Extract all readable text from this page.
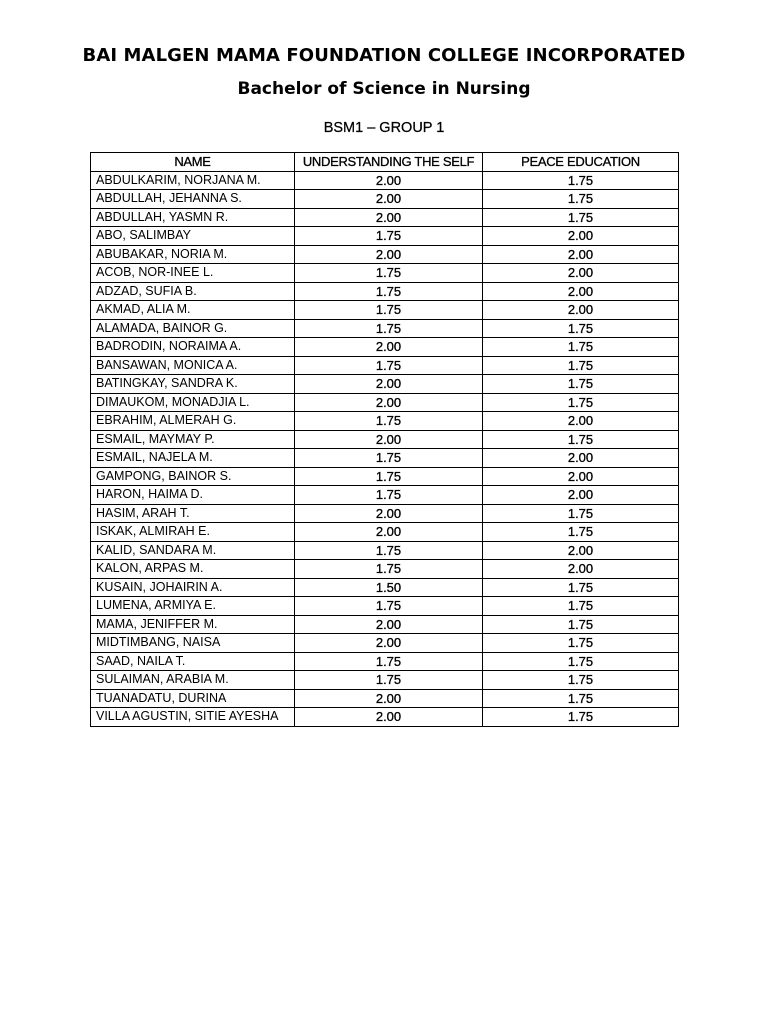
BAI MALGEN MAMA FOUNDATION COLLEGE INCORPORATED
Bachelor of Science in Nursing
BSM1 – GROUP 1
NAME	UNDERSTANDING THE SELF	PEACE EDUCATION
ABDULKARIM, NORJANA M.	2.00	1.75
ABDULLAH, JEHANNA S.	2.00	1.75
ABDULLAH, YASMN R.	2.00	1.75
ABO, SALIMBAY	1.75	2.00
ABUBAKAR, NORIA M.	2.00	2.00
ACOB, NOR-INEE L.	1.75	2.00
ADZAD, SUFIA B.	1.75	2.00
AKMAD, ALIA M.	1.75	2.00
ALAMADA, BAINOR G.	1.75	1.75
BADRODIN, NORAIMA A.	2.00	1.75
BANSAWAN, MONICA A.	1.75	1.75
BATINGKAY, SANDRA K.	2.00	1.75
DIMAUKOM, MONADJIA L.	2.00	1.75
EBRAHIM, ALMERAH G.	1.75	2.00
ESMAIL, MAYMAY P.	2.00	1.75
ESMAIL, NAJELA M.	1.75	2.00
GAMPONG, BAINOR S.	1.75	2.00
HARON, HAIMA D.	1.75	2.00
HASIM, ARAH T.	2.00	1.75
ISKAK, ALMIRAH E.	2.00	1.75
KALID, SANDARA M.	1.75	2.00
KALON, ARPAS M.	1.75	2.00
KUSAIN, JOHAIRIN A.	1.50	1.75
LUMENA, ARMIYA E.	1.75	1.75
MAMA, JENIFFER M.	2.00	1.75
MIDTIMBANG, NAISA	2.00	1.75
SAAD, NAILA T.	1.75	1.75
SULAIMAN, ARABIA M.	1.75	1.75
TUANADATU, DURINA	2.00	1.75
VILLA AGUSTIN, SITIE AYESHA	2.00	1.75
